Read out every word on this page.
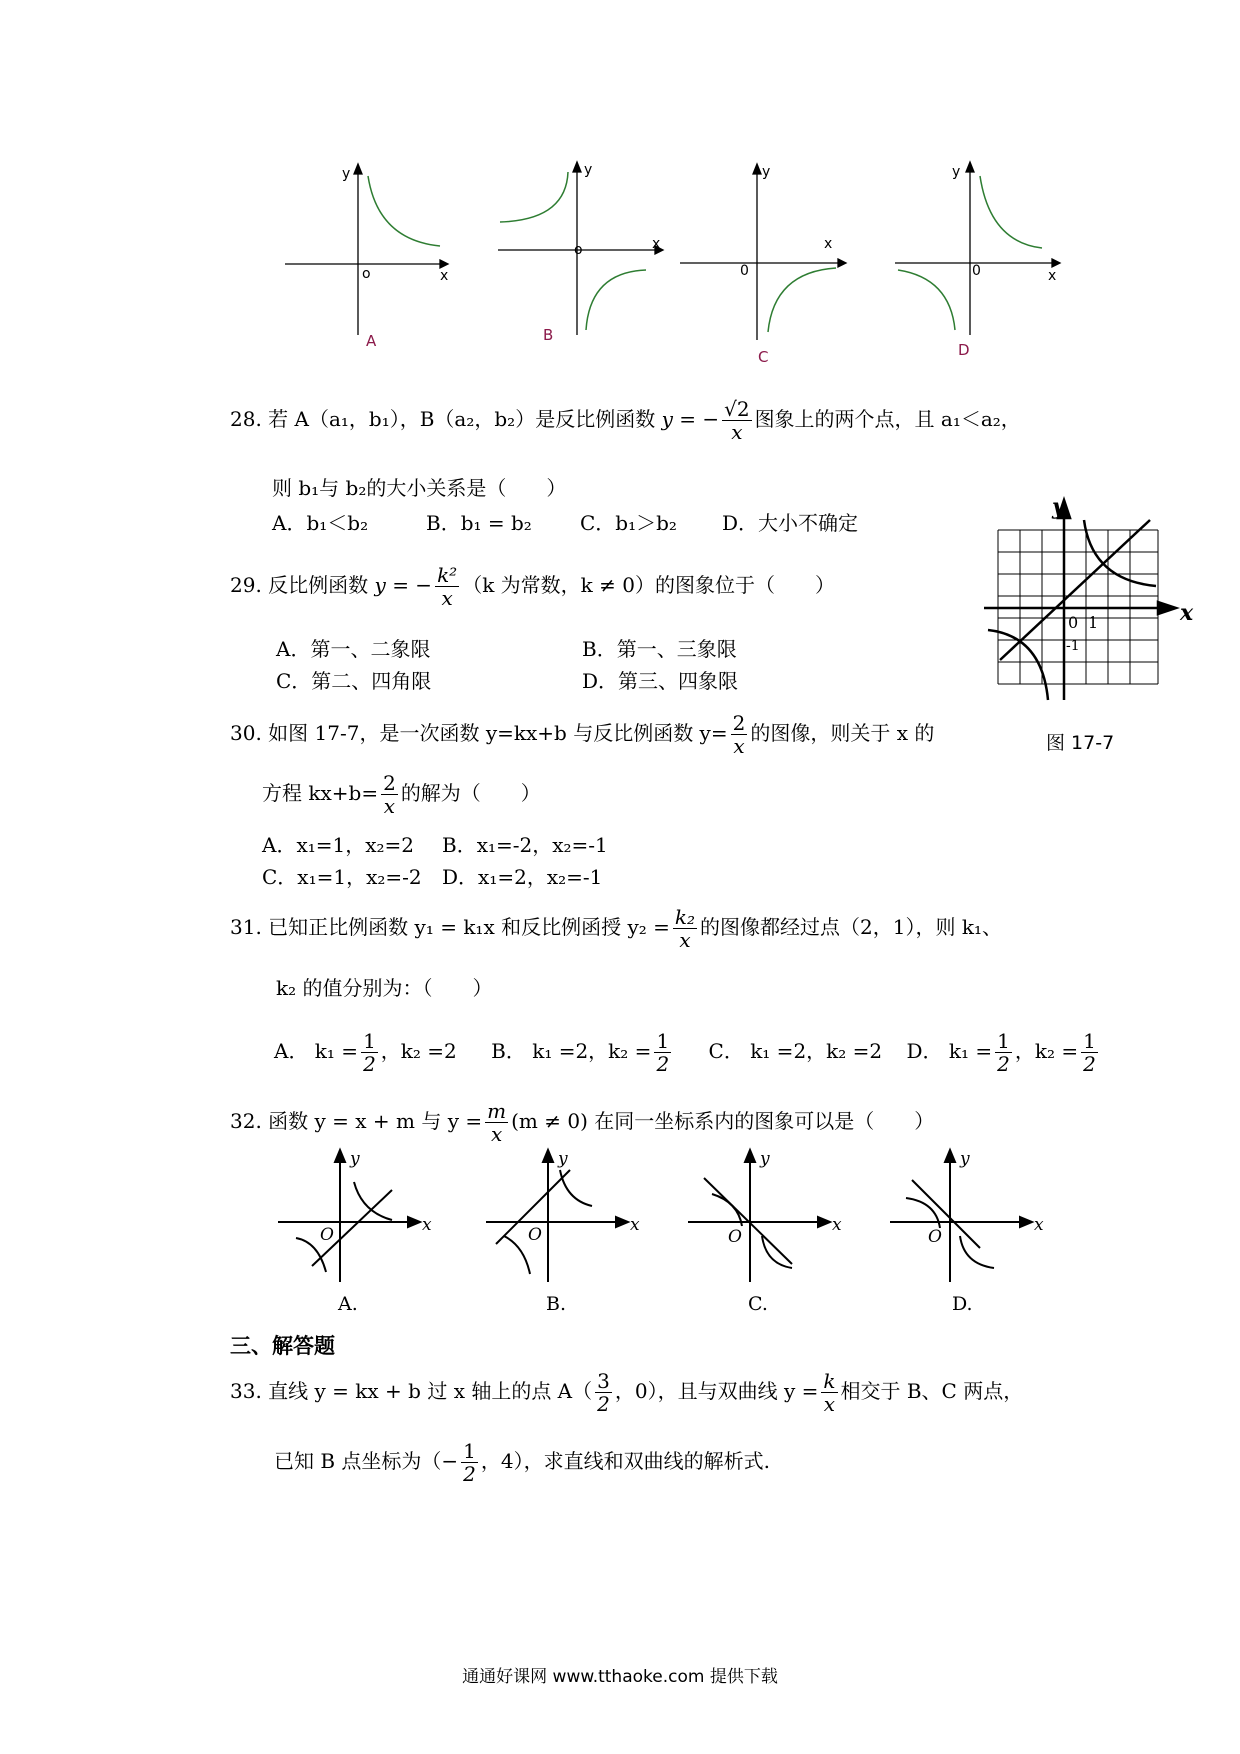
o	x
y
o	x
y
0
x
y
0	x
y
A	B
C	D
28. 若 A（a₁，b₁），B（a₂，b₂）是反比例函数 y = − $\frac{√2}{x}$ 图象上的两个点，且 a₁＜a₂，
则 b₁与 b₂的大小关系是（　　）
A．b₁＜b₂	B．b₁ = b₂ C．b₁＞b₂ D．大小不确定
y
x
0 1
-1
图 17-7
29. 反比例函数 y = − $\frac{\text{k²}}{x} (k$ 为常数，k ≠ 0）的图象位于（　　）
A．第一、二象限	B．第一、三象限
C．第二、四角限	D．第三、四象限
30. 如图 17-7，是一次函数 y=kx+b 与反比例函数 $y= \frac{2}{x}$ 的图像，则关于 x 的
方程 $kx+b= \frac{2}{x}$ 的解为（　　）
A．x₁=1，x₂=2 B．x₁=-2，x₂=-1
C．x₁=1，x₂=-2 D．x₁=2，x₂=-1
31. 已知正比例函数 y₁ = k₁x 和反比例函授 $y_2 = \frac{\text{k₂}}{x}$ 的图像都经过点（2，1），则 k₁、
k₂ 的值分别为：（　　）
A． $k_1 = \frac{1}{2}$ ，k₂ =2 B． k₁ =2，$k_2 = \frac{1}{2}$ C． k₁ =2，k₂ =2 D． $k_1 = \frac{1}{2}$ ，$k_2 = \frac{1}{2}$
32. 函数 y = x + m 与 $y = \frac{m}{x} (m \ne 0)$ 在同一坐标系内的图象可以是（　　）
y
x
O
y
x
O
y
x
O
y
x
O
A.	B.	C.	D.
三、解答题
33. 直线 y = kx + b 过 x 轴上的点 $A( \frac{3}{2}$ ，0），且与双曲线 $y = \frac{k}{x}$ 相交于 B、C 两点，
已知 B 点坐标为（− $\frac{1}{2}$ ，4），求直线和双曲线的解析式.
通通好课网 www.tthaoke.com 提供下载
